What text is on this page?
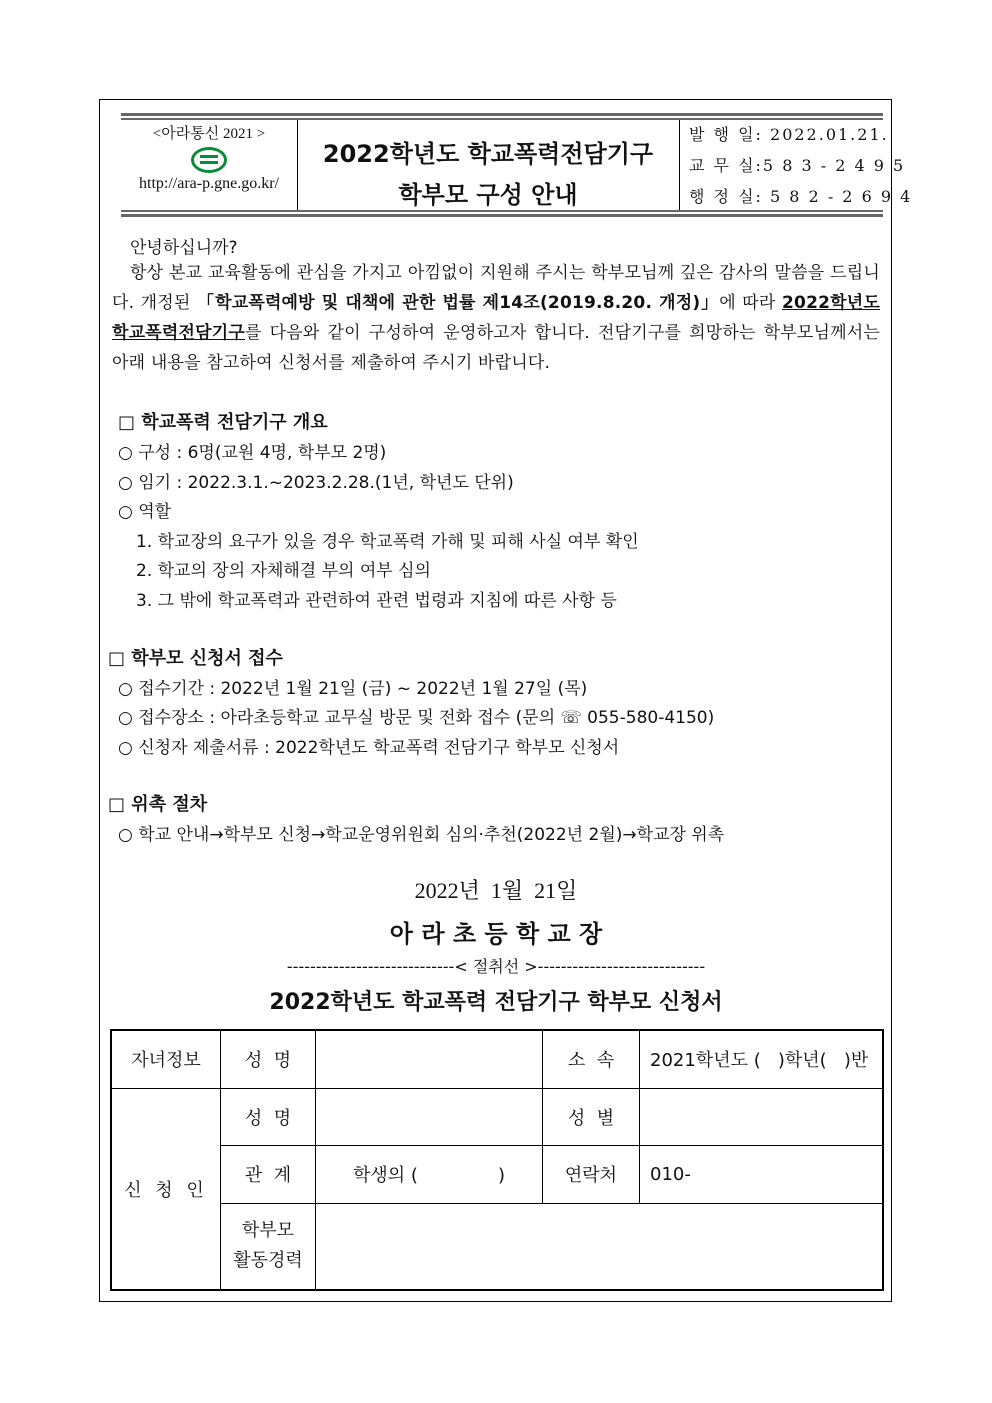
<아라통신 2021 >
http://ara-p.gne.go.kr/
2022학년도 학교폭력전담기구
학부모 구성 안내
발 행 일: 2022.01.21.
교 무 실:5 8 3 - 2 4 9 5
행 정 실: 5 8 2 - 2 6 9 4
안녕하십니까?
항상 본교 교육활동에 관심을 가지고 아낌없이 지원해 주시는 학부모님께 깊은 감사의 말씀을 드립니다. 개정된 「학교폭력예방 및 대책에 관한 법률 제14조(2019.8.20. 개정)」에 따라 2022학년도 학교폭력전담기구를 다음와 같이 구성하여 운영하고자 합니다. 전담기구를 희망하는 학부모님께서는 아래 내용을 참고하여 신청서를 제출하여 주시기 바랍니다.
□ 학교폭력 전담기구 개요
○ 구성 : 6명(교원 4명, 학부모 2명)
○ 임기 : 2022.3.1.~2023.2.28.(1년, 학년도 단위)
○ 역할
1. 학교장의 요구가 있을 경우 학교폭력 가해 및 피해 사실 여부 확인
2. 학교의 장의 자체해결 부의 여부 심의
3. 그 밖에 학교폭력과 관련하여 관련 법령과 지침에 따른 사항 등
□ 학부모 신청서 접수
○ 접수기간 : 2022년 1월 21일 (금) ~ 2022년 1월 27일 (목)
○ 접수장소 : 아라초등학교 교무실 방문 및 전화 접수 (문의 ☏ 055-580-4150)
○ 신청자 제출서류 : 2022학년도 학교폭력 전담기구 학부모 신청서
□ 위촉 절차
○ 학교 안내→학부모 신청→학교운영위원회 심의·추천(2022년 2월)→학교장 위촉
2022년  1월  21일
아 라 초 등 학 교 장
-----------------------------< 절취선 >-----------------------------
2022학년도 학교폭력 전담기구 학부모 신청서
자녀정보	성  명		소  속	2021학년도 (   )학년(   )반
신 청 인	성  명		성  별	
	관  계	학생의 (              )	연락처	010-

	학부모
활동경력			
